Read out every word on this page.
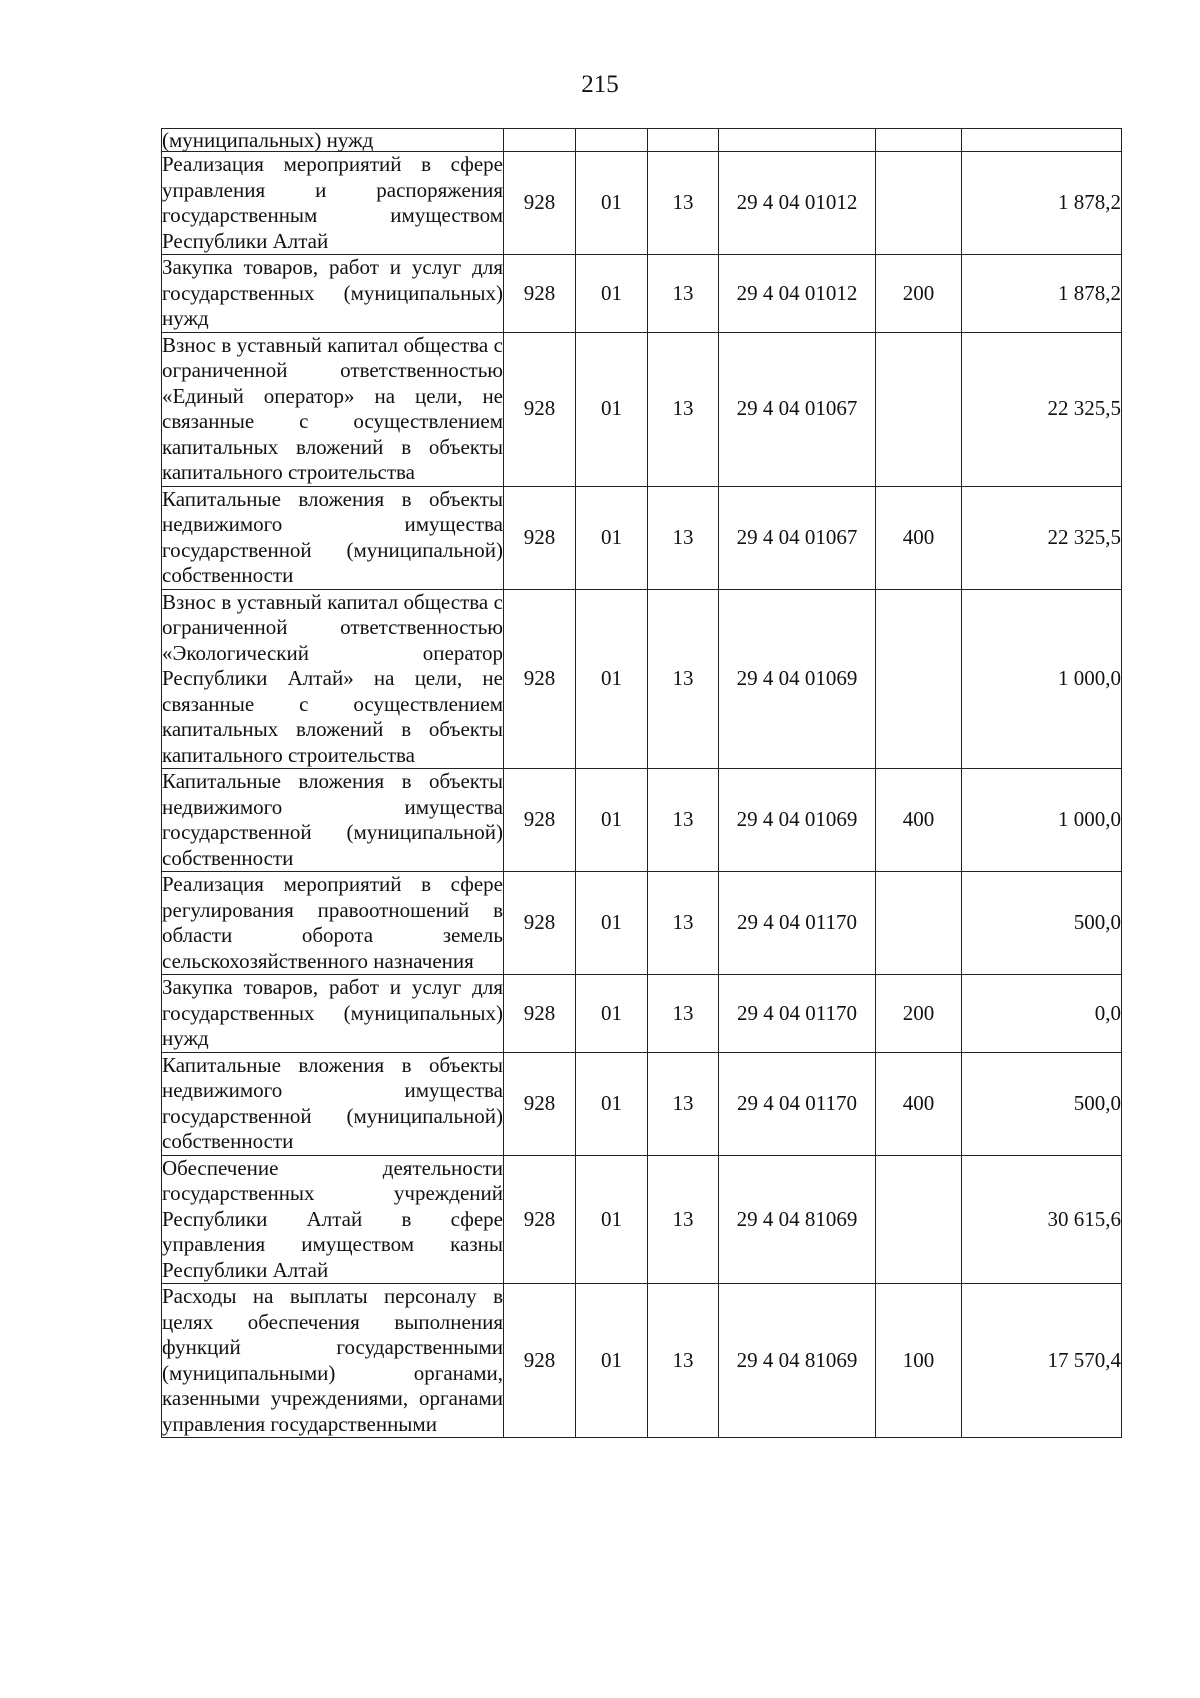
215
(муниципальных) нужд						
Реализация мероприятий в сфере управления и распоряжения государственным имуществом Республики Алтай	928	01	13	29 4 04 01012		1 878,2
Закупка товаров, работ и услуг для государственных (муниципальных) нужд	928	01	13	29 4 04 01012	200	1 878,2
Взнос в уставный капитал общества с ограниченной ответственностью «Единый оператор» на цели, не связанные с осуществлением капитальных вложений в объекты капитального строительства	928	01	13	29 4 04 01067		22 325,5
Капитальные вложения в объекты недвижимого имущества государственной (муниципальной) собственности	928	01	13	29 4 04 01067	400	22 325,5
Взнос в уставный капитал общества с ограниченной ответственностью «Экологический оператор Республики Алтай» на цели, не связанные с осуществлением капитальных вложений в объекты капитального строительства	928	01	13	29 4 04 01069		1 000,0
Капитальные вложения в объекты недвижимого имущества государственной (муниципальной) собственности	928	01	13	29 4 04 01069	400	1 000,0
Реализация мероприятий в сфере регулирования правоотношений в области оборота земель сельскохозяйственного назначения	928	01	13	29 4 04 01170		500,0
Закупка товаров, работ и услуг для государственных (муниципальных) нужд	928	01	13	29 4 04 01170	200	0,0
Капитальные вложения в объекты недвижимого имущества государственной (муниципальной) собственности	928	01	13	29 4 04 01170	400	500,0
Обеспечение деятельности государственных учреждений Республики Алтай в сфере управления имуществом казны Республики Алтай	928	01	13	29 4 04 81069		30 615,6
Расходы на выплаты персоналу в целях обеспечения выполнения функций государственными (муниципальными) органами, казенными учреждениями, органами управления государственными	928	01	13	29 4 04 81069	100	17 570,4
